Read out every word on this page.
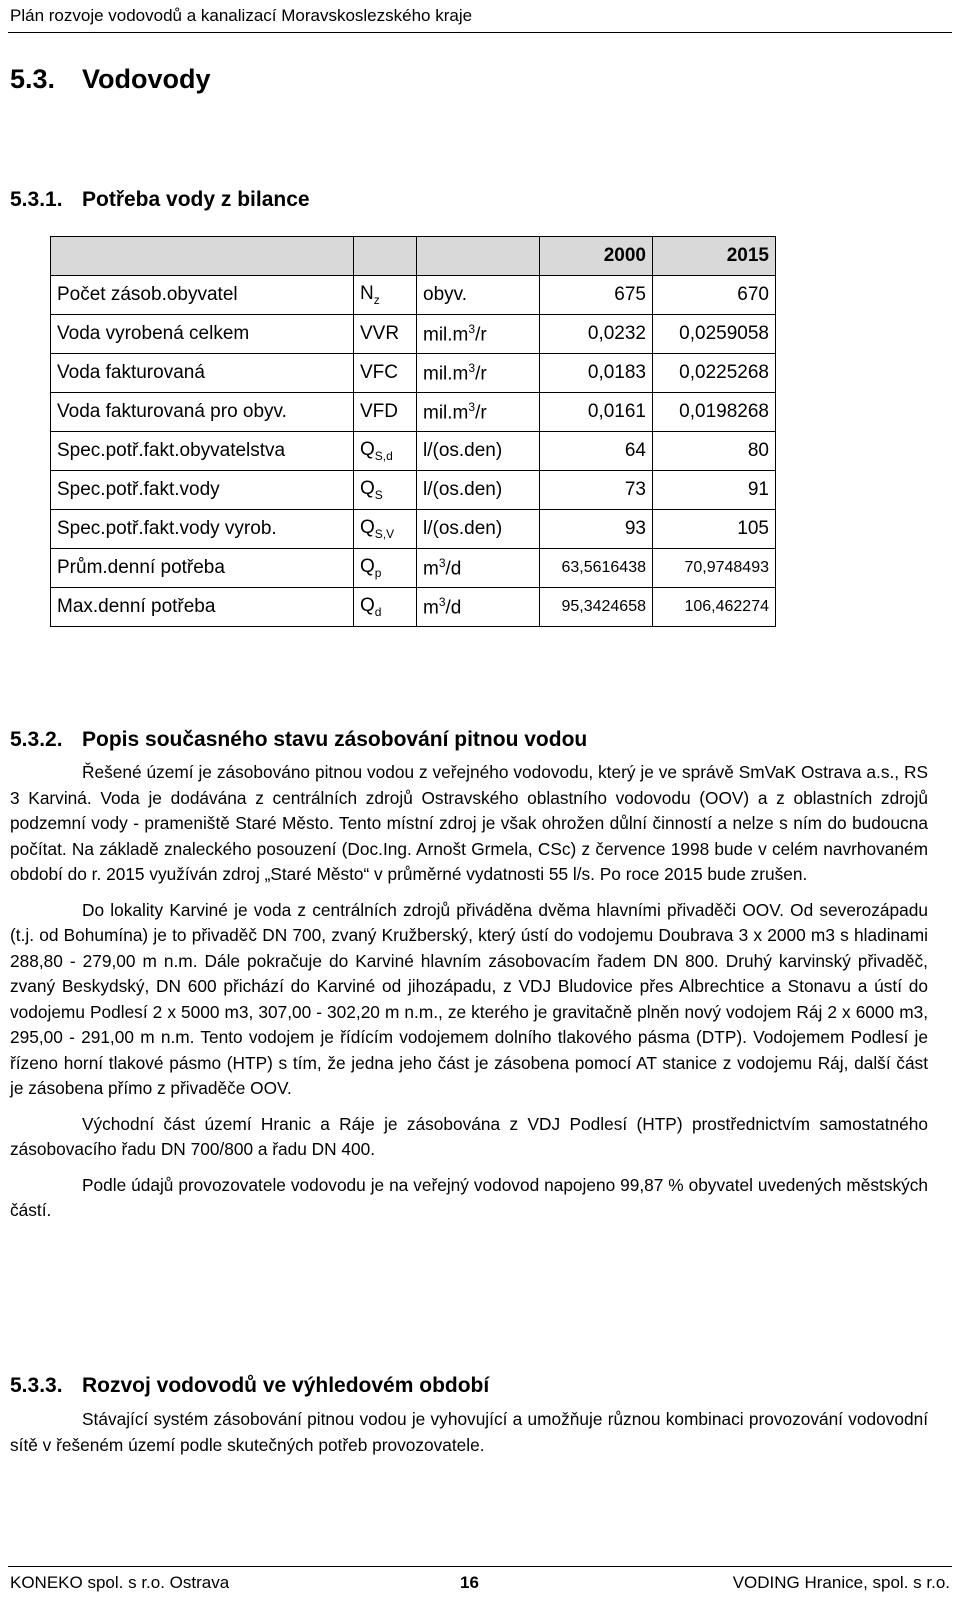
Plán rozvoje vodovodů a kanalizací Moravskoslezského kraje
5.3. Vodovody
5.3.1. Potřeba vody z bilance
			2000	2015
Počet zásob.obyvatel	$N_z$	obyv.	675	670
Voda vyrobená celkem	VVR	$mil.m^3/r$	0,0232	0,0259058
Voda fakturovaná	VFC	$mil.m^3/r$	0,0183	0,0225268
Voda fakturovaná pro obyv.	VFD	$mil.m^3/r$	0,0161	0,0198268
Spec.potř.fakt.obyvatelstva	$Q_{S,d}$	l/(os.den)	64	80
Spec.potř.fakt.vody	$Q_S$	l/(os.den)	73	91
Spec.potř.fakt.vody vyrob.	$Q_{S,V}$	l/(os.den)	93	105
Prům.denní potřeba	$Q_p$	$m^3/d$	63,5616438	70,9748493
Max.denní potřeba	$Q_d$	$m^3/d$	95,3424658	106,462274
5.3.2. Popis současného stavu zásobování pitnou vodou

Řešené území je zásobováno pitnou vodou z veřejného vodovodu, který je ve správě SmVaK Ostrava a.s., RS 3 Karviná. Voda je dodávána z centrálních zdrojů Ostravského oblastního vodovodu (OOV) a z oblastních zdrojů podzemní vody - prameniště Staré Město. Tento místní zdroj je však ohrožen důlní činností a nelze s ním do budoucna počítat. Na základě znaleckého posouzení (Doc.Ing. Arnošt Grmela, CSc) z července 1998 bude v celém navrhovaném období do r. 2015 využíván zdroj „Staré Město“ v průměrné vydatnosti 55 l/s. Po roce 2015 bude zrušen.

Do lokality Karviné je voda z centrálních zdrojů přiváděna dvěma hlavními přivaděči OOV. Od severozápadu (t.j. od Bohumína) je to přivaděč DN 700, zvaný Kružberský, který ústí do vodojemu Doubrava 3 x 2000 m3 s hladinami 288,80 - 279,00 m n.m. Dále pokračuje do Karviné hlavním zásobovacím řadem DN 800. Druhý karvinský přivaděč, zvaný Beskydský, DN 600 přichází do Karviné od jihozápadu, z VDJ Bludovice přes Albrechtice a Stonavu a ústí do vodojemu Podlesí 2 x 5000 m3, 307,00 - 302,20 m n.m., ze kterého je gravitačně plněn nový vodojem Ráj 2 x 6000 m3, 295,00 - 291,00 m n.m. Tento vodojem je řídícím vodojemem dolního tlakového pásma (DTP). Vodojemem Podlesí je řízeno horní tlakové pásmo (HTP) s tím, že jedna jeho část je zásobena pomocí AT stanice z vodojemu Ráj, další část je zásobena přímo z přivaděče OOV.

Východní část území Hranic a Ráje je zásobována z VDJ Podlesí (HTP) prostřednictvím samostatného zásobovacího řadu DN 700/800 a řadu DN 400.

Podle údajů provozovatele vodovodu je na veřejný vodovod napojeno 99,87 % obyvatel uvedených městských částí.

5.3.3. Rozvoj vodovodů ve výhledovém období

Stávající systém zásobování pitnou vodou je vyhovující a umožňuje různou kombinaci provozování vodovodní sítě v řešeném území podle skutečných potřeb provozovatele.

KONEKO spol. s r.o. Ostrava	16	VODING Hranice, spol. s r.o.
